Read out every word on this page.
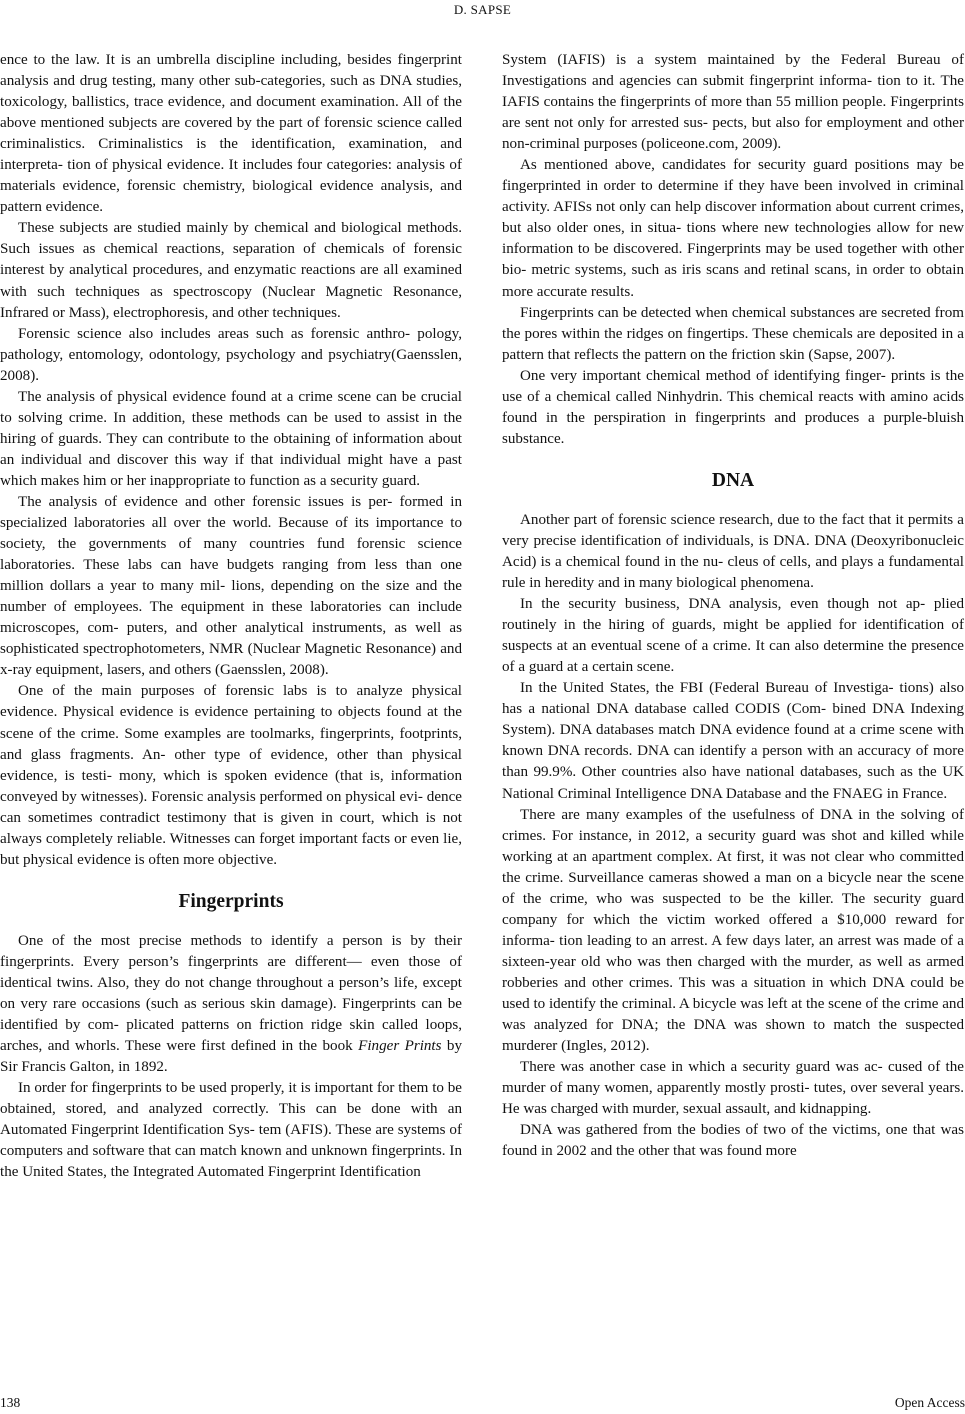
D. SAPSE

ence to the law. It is an umbrella discipline including, besides fingerprint analysis and drug testing, many other sub-categories, such as DNA studies, toxicology, ballistics, trace evidence, and document examination. All of the above mentioned subjects are covered by the part of forensic science called criminalistics. Criminalistics is the identification, examination, and interpreta- tion of physical evidence. It includes four categories: analysis of materials evidence, forensic chemistry, biological evidence analysis, and pattern evidence.

These subjects are studied mainly by chemical and biological methods. Such issues as chemical reactions, separation of chemicals of forensic interest by analytical procedures, and enzymatic reactions are all examined with such techniques as spectroscopy (Nuclear Magnetic Resonance, Infrared or Mass), electrophoresis, and other techniques.

Forensic science also includes areas such as forensic anthro- pology, pathology, entomology, odontology, psychology and psychiatry(Gaensslen, 2008).

The analysis of physical evidence found at a crime scene can be crucial to solving crime. In addition, these methods can be used to assist in the hiring of guards. They can contribute to the obtaining of information about an individual and discover this way if that individual might have a past which makes him or her inappropriate to function as a security guard.

The analysis of evidence and other forensic issues is per- formed in specialized laboratories all over the world. Because of its importance to society, the governments of many countries fund forensic science laboratories. These labs can have budgets ranging from less than one million dollars a year to many mil- lions, depending on the size and the number of employees. The equipment in these laboratories can include microscopes, com- puters, and other analytical instruments, as well as sophisticated spectrophotometers, NMR (Nuclear Magnetic Resonance) and x-ray equipment, lasers, and others (Gaensslen, 2008).

One of the main purposes of forensic labs is to analyze physical evidence. Physical evidence is evidence pertaining to objects found at the scene of the crime. Some examples are toolmarks, fingerprints, footprints, and glass fragments. An- other type of evidence, other than physical evidence, is testi- mony, which is spoken evidence (that is, information conveyed by witnesses). Forensic analysis performed on physical evi- dence can sometimes contradict testimony that is given in court, which is not always completely reliable. Witnesses can forget important facts or even lie, but physical evidence is often more objective.

Fingerprints

One of the most precise methods to identify a person is by their fingerprints. Every person’s fingerprints are different— even those of identical twins. Also, they do not change throughout a person’s life, except on very rare occasions (such as serious skin damage). Fingerprints can be identified by com- plicated patterns on friction ridge skin called loops, arches, and whorls. These were first defined in the book Finger Prints by Sir Francis Galton, in 1892.

In order for fingerprints to be used properly, it is important for them to be obtained, stored, and analyzed correctly. This can be done with an Automated Fingerprint Identification Sys- tem (AFIS). These are systems of computers and software that can match known and unknown fingerprints. In the United States, the Integrated Automated Fingerprint Identification

System (IAFIS) is a system maintained by the Federal Bureau of Investigations and agencies can submit fingerprint informa- tion to it. The IAFIS contains the fingerprints of more than 55 million people. Fingerprints are sent not only for arrested sus- pects, but also for employment and other non-criminal purposes (policeone.com, 2009).

As mentioned above, candidates for security guard positions may be fingerprinted in order to determine if they have been involved in criminal activity. AFISs not only can help discover information about current crimes, but also older ones, in situa- tions where new technologies allow for new information to be discovered. Fingerprints may be used together with other bio- metric systems, such as iris scans and retinal scans, in order to obtain more accurate results.

Fingerprints can be detected when chemical substances are secreted from the pores within the ridges on fingertips. These chemicals are deposited in a pattern that reflects the pattern on the friction skin (Sapse, 2007).

One very important chemical method of identifying finger- prints is the use of a chemical called Ninhydrin. This chemical reacts with amino acids found in the perspiration in fingerprints and produces a purple-bluish substance.

DNA

Another part of forensic science research, due to the fact that it permits a very precise identification of individuals, is DNA. DNA (Deoxyribonucleic Acid) is a chemical found in the nu- cleus of cells, and plays a fundamental rule in heredity and in many biological phenomena.

In the security business, DNA analysis, even though not ap- plied routinely in the hiring of guards, might be applied for identification of suspects at an eventual scene of a crime. It can also determine the presence of a guard at a certain scene.

In the United States, the FBI (Federal Bureau of Investiga- tions) also has a national DNA database called CODIS (Com- bined DNA Indexing System). DNA databases match DNA evidence found at a crime scene with known DNA records. DNA can identify a person with an accuracy of more than 99.9%. Other countries also have national databases, such as the UK National Criminal Intelligence DNA Database and the FNAEG in France.

There are many examples of the usefulness of DNA in the solving of crimes. For instance, in 2012, a security guard was shot and killed while working at an apartment complex. At first, it was not clear who committed the crime. Surveillance cameras showed a man on a bicycle near the scene of the crime, who was suspected to be the killer. The security guard company for which the victim worked offered a $10,000 reward for informa- tion leading to an arrest. A few days later, an arrest was made of a sixteen-year old who was then charged with the murder, as well as armed robberies and other crimes. This was a situation in which DNA could be used to identify the criminal. A bicycle was left at the scene of the crime and was analyzed for DNA; the DNA was shown to match the suspected murderer (Ingles, 2012).

There was another case in which a security guard was ac- cused of the murder of many women, apparently mostly prosti- tutes, over several years. He was charged with murder, sexual assault, and kidnapping.

DNA was gathered from the bodies of two of the victims, one that was found in 2002 and the other that was found more

138	Open Access
